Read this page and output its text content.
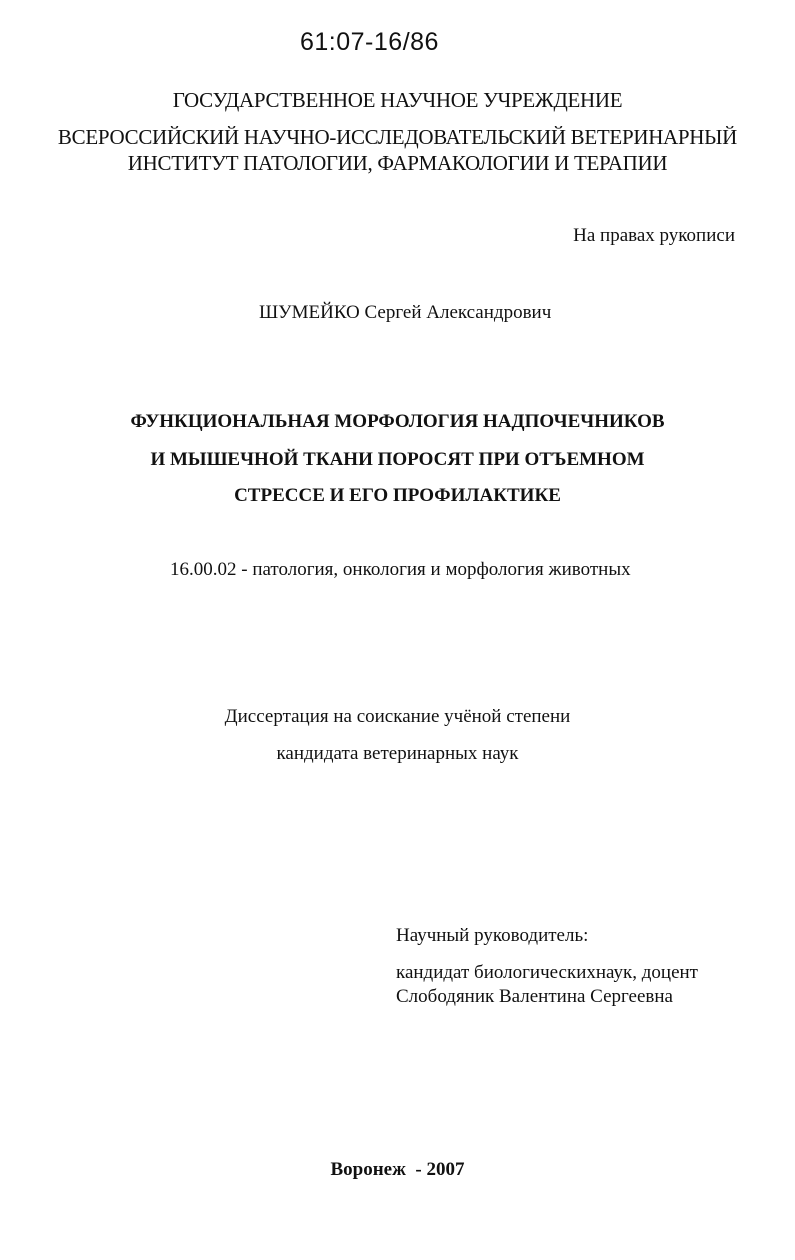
61:07-16/86
ГОСУДАРСТВЕННОЕ НАУЧНОЕ УЧРЕЖДЕНИЕ
ВСЕРОССИЙСКИЙ НАУЧНО-ИССЛЕДОВАТЕЛЬСКИЙ ВЕТЕРИНАРНЫЙ
ИНСТИТУТ ПАТОЛОГИИ, ФАРМАКОЛОГИИ И ТЕРАПИИ
На правах рукописи
ШУМЕЙКО Сергей Александрович
ФУНКЦИОНАЛЬНАЯ МОРФОЛОГИЯ НАДПОЧЕЧНИКОВ
И МЫШЕЧНОЙ ТКАНИ ПОРОСЯТ ПРИ ОТЪЕМНОМ
СТРЕССЕ И ЕГО ПРОФИЛАКТИКЕ
16.00.02 - патология, онкология и морфология животных
Диссертация на соискание учёной степени
кандидата ветеринарных наук
Научный руководитель:
кандидат биологическихнаук, доцент
Слободяник Валентина Сергеевна
Воронеж  - 2007
